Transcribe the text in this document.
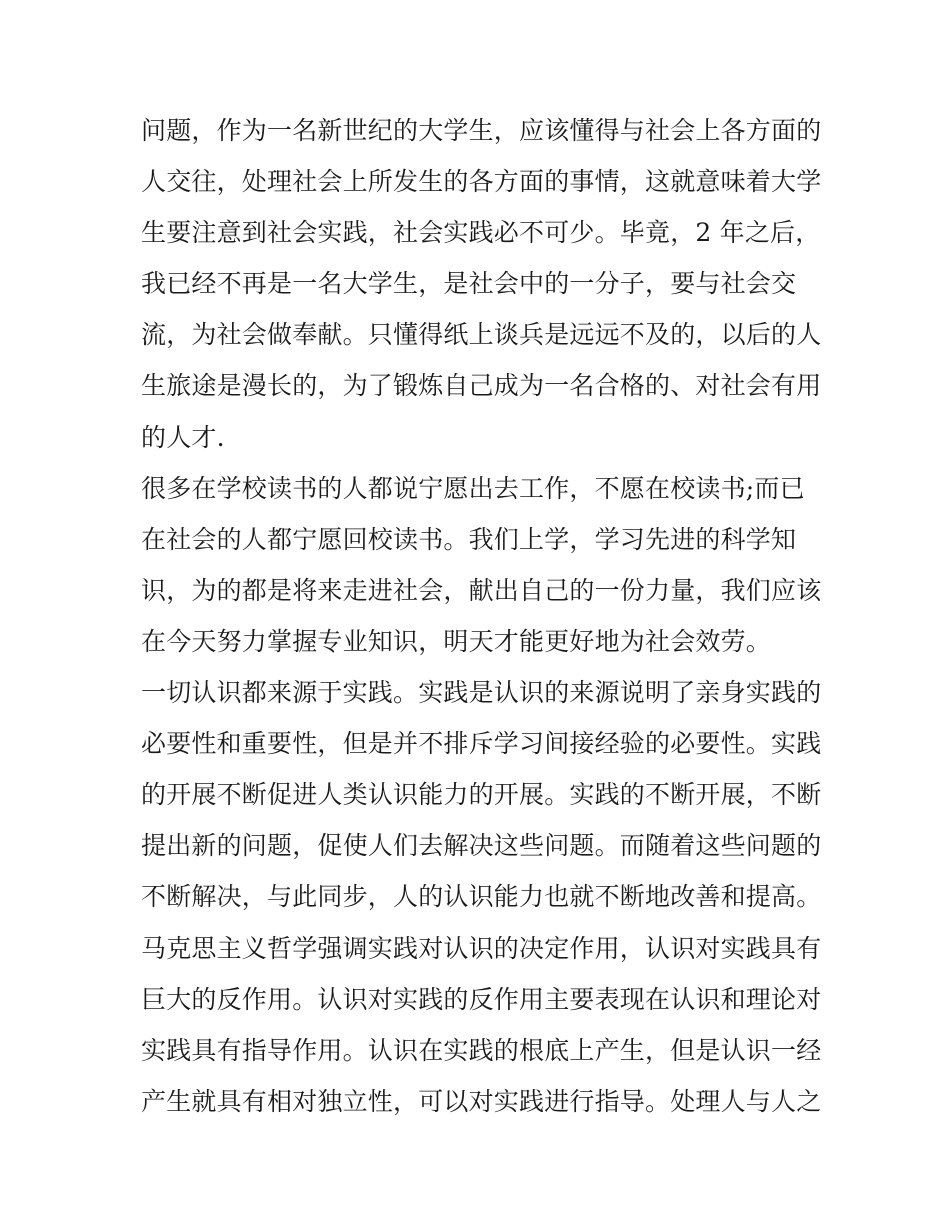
问题，作为一名新世纪的大学生，应该懂得与社会上各方面的
人交往，处理社会上所发生的各方面的事情，这就意味着大学
生要注意到社会实践，社会实践必不可少。毕竟，2 年之后，
我已经不再是一名大学生，是社会中的一分子，要与社会交
流，为社会做奉献。只懂得纸上谈兵是远远不及的，以后的人
生旅途是漫长的，为了锻炼自己成为一名合格的、对社会有用
的人才.
很多在学校读书的人都说宁愿出去工作，不愿在校读书;而已
在社会的人都宁愿回校读书。我们上学，学习先进的科学知
识，为的都是将来走进社会，献出自己的一份力量，我们应该
在今天努力掌握专业知识，明天才能更好地为社会效劳。
一切认识都来源于实践。实践是认识的来源说明了亲身实践的
必要性和重要性，但是并不排斥学习间接经验的必要性。实践
的开展不断促进人类认识能力的开展。实践的不断开展，不断
提出新的问题，促使人们去解决这些问题。而随着这些问题的
不断解决，与此同步，人的认识能力也就不断地改善和提高。
马克思主义哲学强调实践对认识的决定作用，认识对实践具有
巨大的反作用。认识对实践的反作用主要表现在认识和理论对
实践具有指导作用。认识在实践的根底上产生，但是认识一经
产生就具有相对独立性，可以对实践进行指导。处理人与人之
